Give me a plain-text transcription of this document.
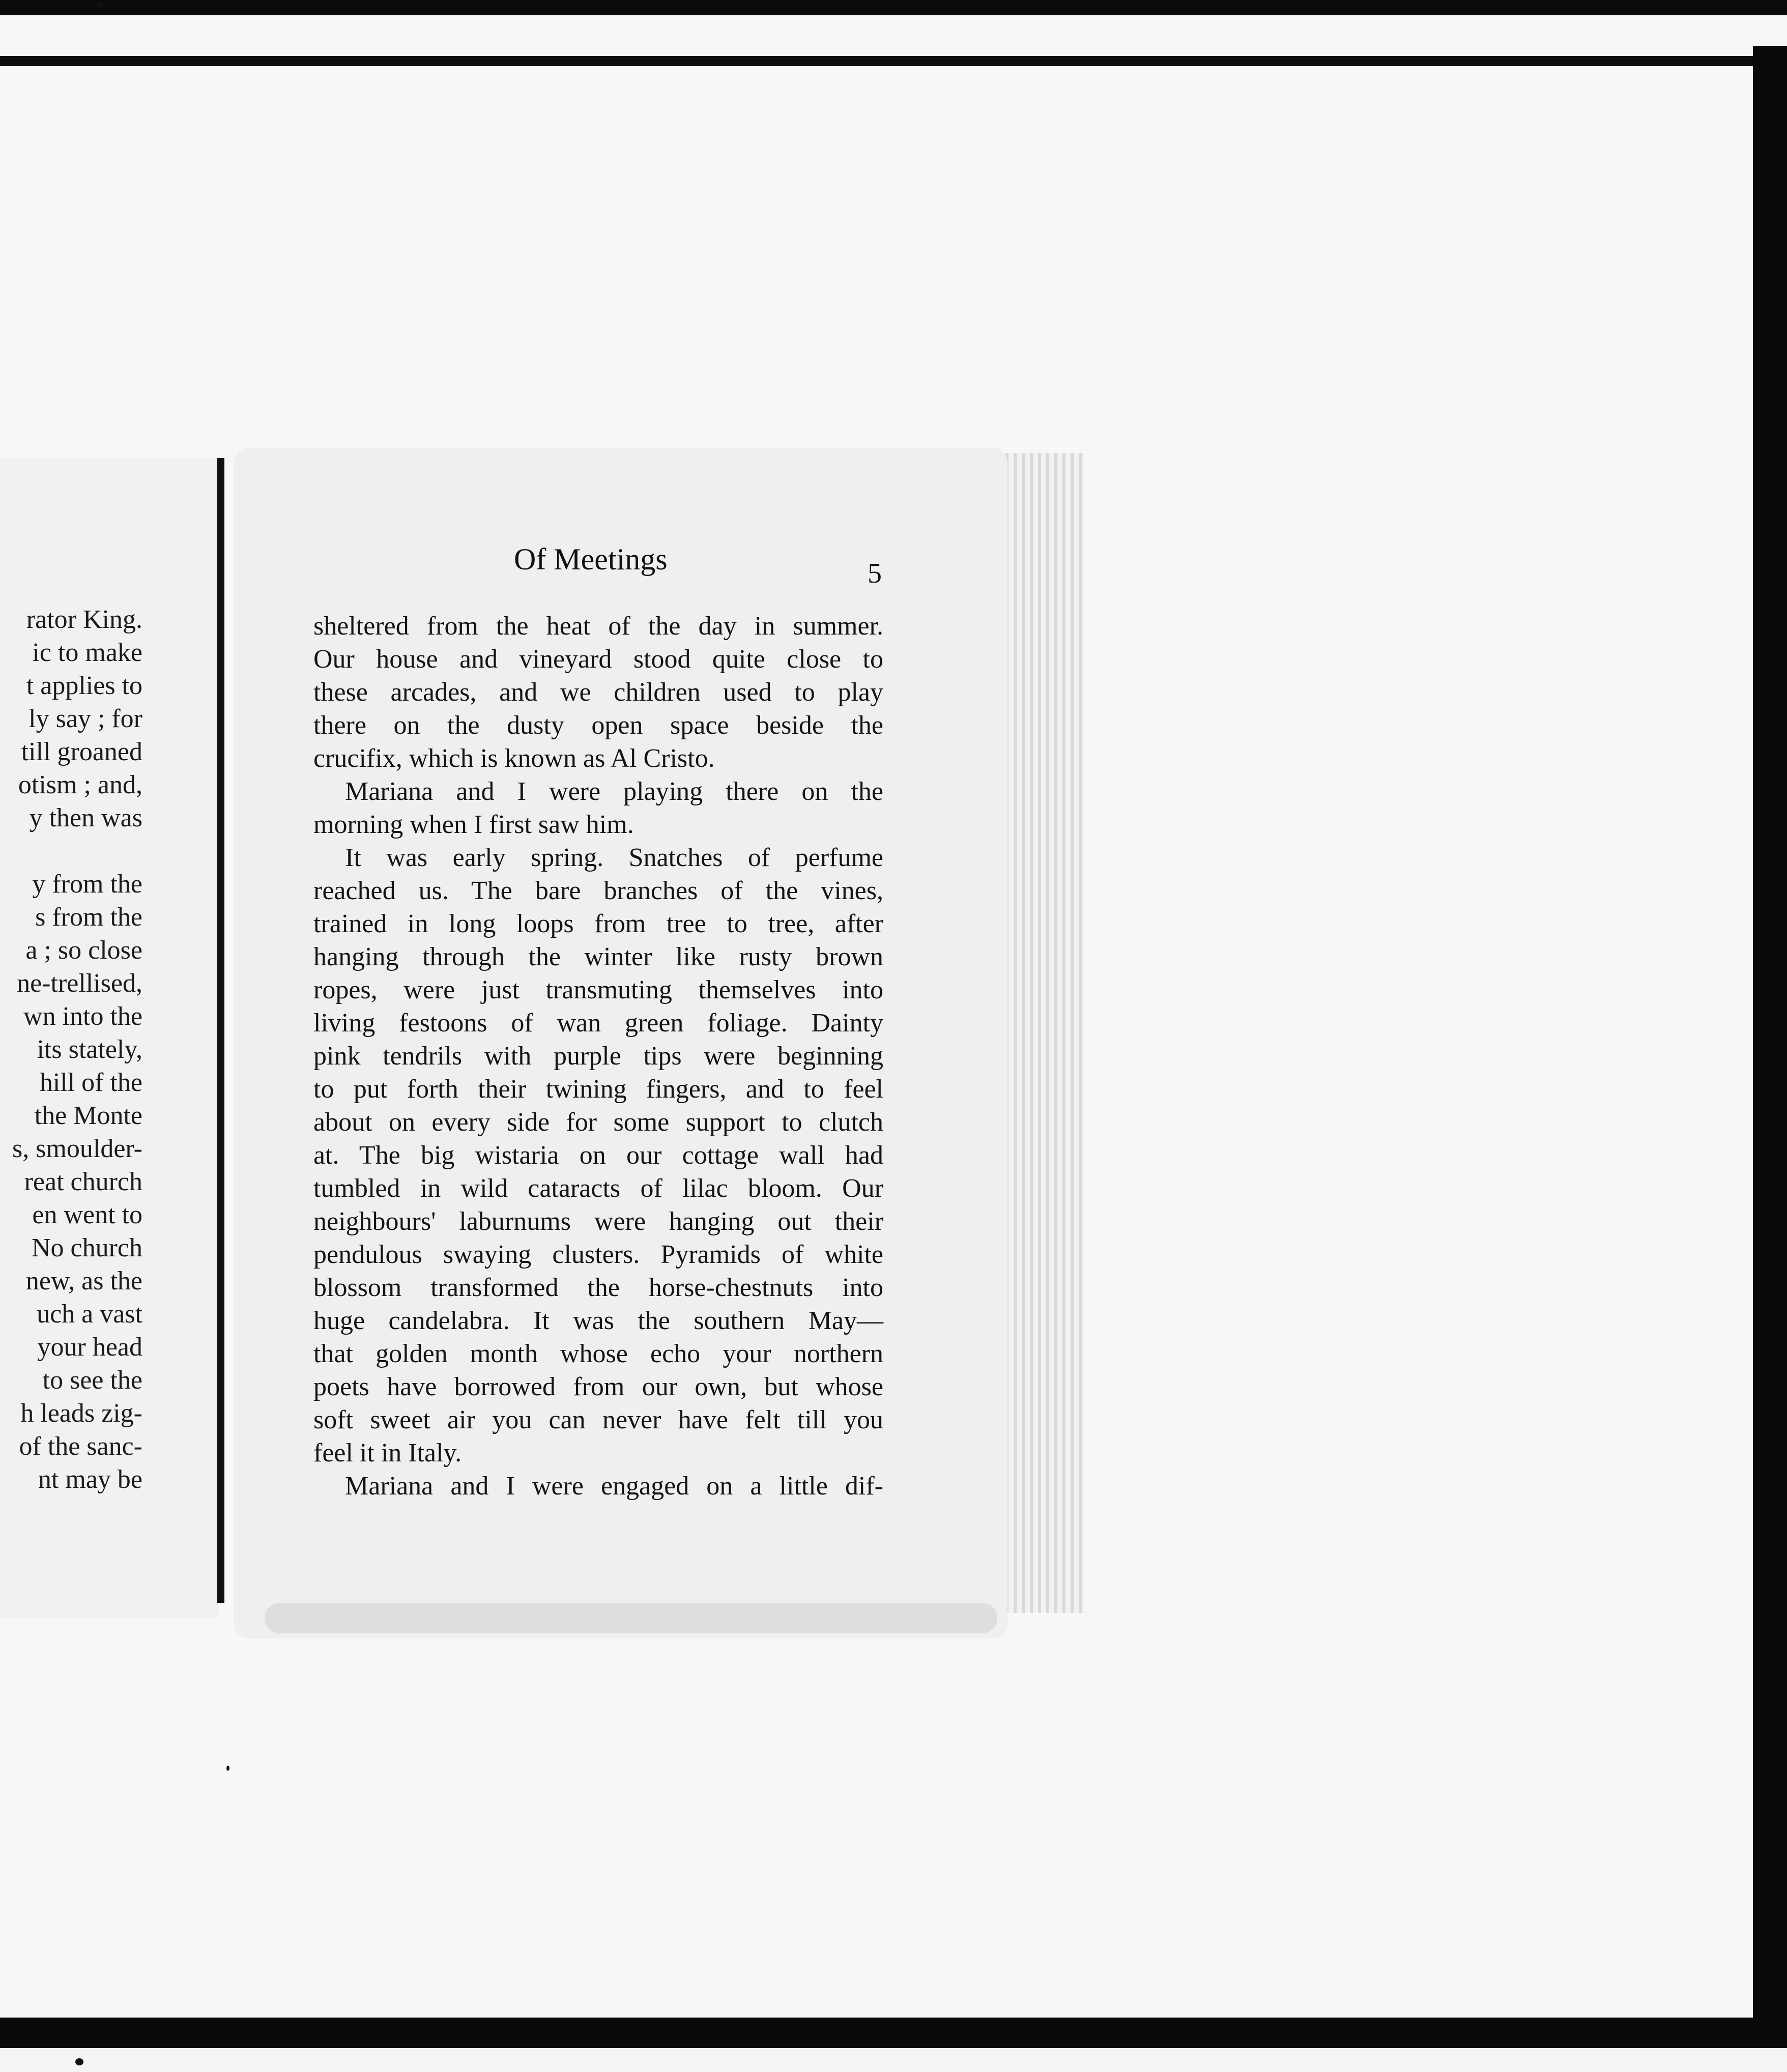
rator King.
ic to make
t applies to
ly say ; for
till groaned
otism ; and,
y then was

y from the
s from the
a ; so close
ne-trellised,
wn into the
its stately,
hill of the
the Monte
s, smoulder-
reat church
en went to
No church
new, as the
uch a vast
your head
to see the
h leads zig-
of the sanc-
nt may be
Of Meetings	5
sheltered from the heat of the day in summer.
Our house and vineyard stood quite close to
these arcades, and we children used to play
there on the dusty open space beside the
crucifix, which is known as Al Cristo.
Mariana and I were playing there on the
morning when I first saw him.
It was early spring. Snatches of perfume
reached us. The bare branches of the vines,
trained in long loops from tree to tree, after
hanging through the winter like rusty brown
ropes, were just transmuting themselves into
living festoons of wan green foliage. Dainty
pink tendrils with purple tips were beginning
to put forth their twining fingers, and to feel
about on every side for some support to clutch
at. The big wistaria on our cottage wall had
tumbled in wild cataracts of lilac bloom. Our
neighbours' laburnums were hanging out their
pendulous swaying clusters. Pyramids of white
blossom transformed the horse-chestnuts into
huge candelabra. It was the southern May—
that golden month whose echo your northern
poets have borrowed from our own, but whose
soft sweet air you can never have felt till you
feel it in Italy.
Mariana and I were engaged on a little dif-
